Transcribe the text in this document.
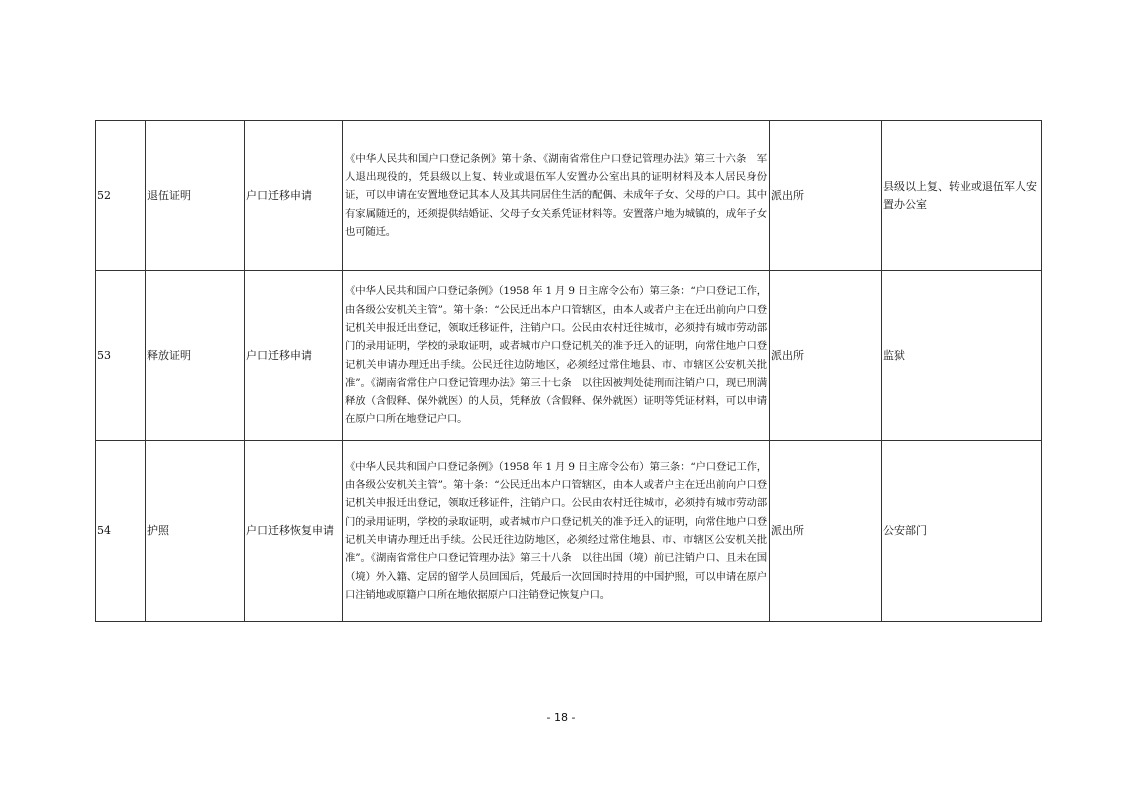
52	退伍证明	户口迁移申请	《中华人民共和国户口登记条例》第十条、《湖南省常住户口登记管理办法》第三十六条　军人退出现役的，凭县级以上复、转业或退伍军人安置办公室出具的证明材料及本人居民身份证，可以申请在安置地登记其本人及其共同居住生活的配偶、未成年子女、父母的户口。其中有家属随迁的，还须提供结婚证、父母子女关系凭证材料等。安置落户地为城镇的，成年子女也可随迁。	派出所	县级以上复、转业或退伍军人安置办公室
53	释放证明	户口迁移申请	《中华人民共和国户口登记条例》（1958 年 1 月 9 日主席令公布）第三条：“户口登记工作，由各级公安机关主管”。第十条：“公民迁出本户口管辖区，由本人或者户主在迁出前向户口登记机关申报迁出登记，领取迁移证件，注销户口。公民由农村迁往城市，必须持有城市劳动部门的录用证明，学校的录取证明，或者城市户口登记机关的准予迁入的证明，向常住地户口登记机关申请办理迁出手续。公民迁往边防地区，必须经过常住地县、市、市辖区公安机关批准”。《湖南省常住户口登记管理办法》第三十七条　以往因被判处徒刑而注销户口，现已刑满释放（含假释、保外就医）的人员，凭释放（含假释、保外就医）证明等凭证材料，可以申请在原户口所在地登记户口。	派出所	监狱
54	护照	户口迁移恢复申请	《中华人民共和国户口登记条例》（1958 年 1 月 9 日主席令公布）第三条：“户口登记工作，由各级公安机关主管”。第十条：“公民迁出本户口管辖区，由本人或者户主在迁出前向户口登记机关申报迁出登记，领取迁移证件，注销户口。公民由农村迁往城市，必须持有城市劳动部门的录用证明，学校的录取证明，或者城市户口登记机关的准予迁入的证明，向常住地户口登记机关申请办理迁出手续。公民迁往边防地区，必须经过常住地县、市、市辖区公安机关批准”。《湖南省常住户口登记管理办法》第三十八条　以往出国（境）前已注销户口、且未在国（境）外入籍、定居的留学人员回国后，凭最后一次回国时持用的中国护照，可以申请在原户口注销地或原籍户口所在地依据原户口注销登记恢复户口。	派出所	公安部门
- 18 -
